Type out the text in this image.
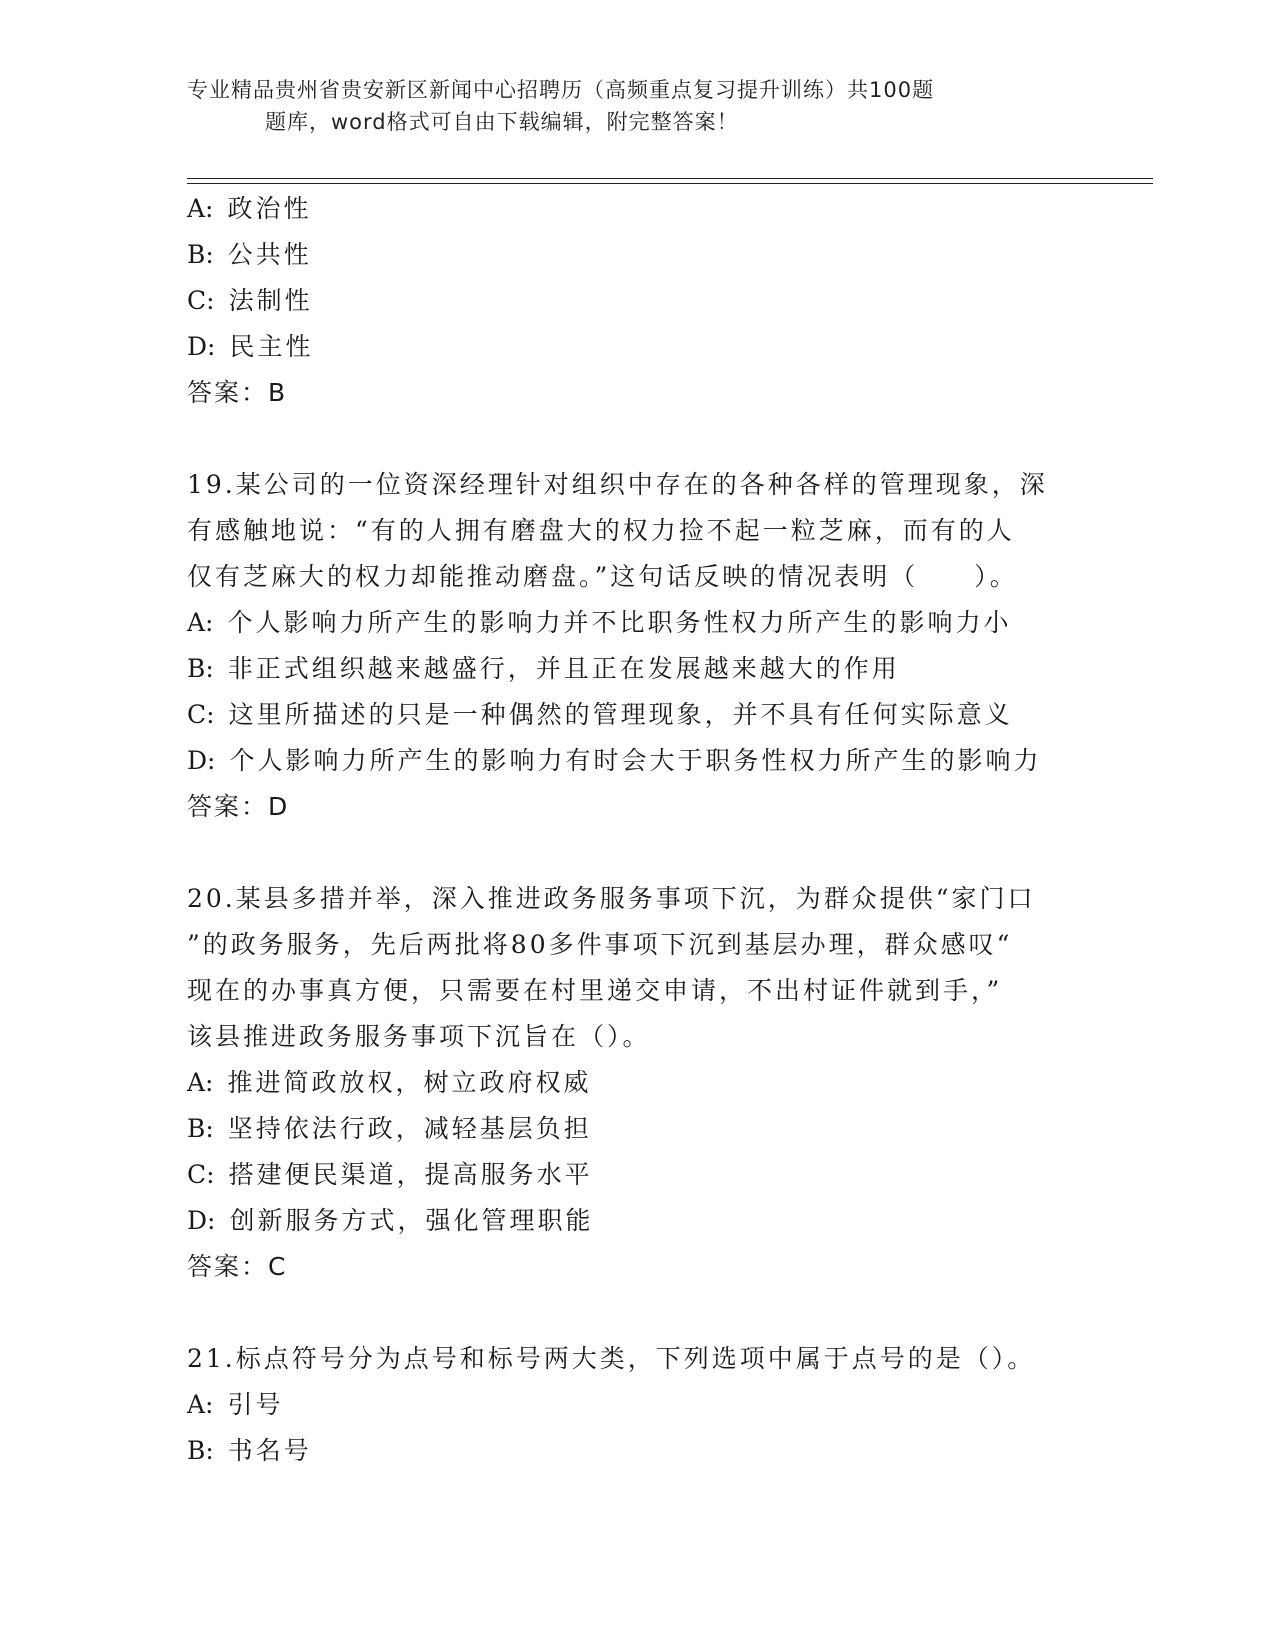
专业精品贵州省贵安新区新闻中心招聘历（高频重点复习提升训练）共100题
题库，word格式可自由下载编辑，附完整答案！
A: 政治性
B: 公共性
C: 法制性
D: 民主性
答案：B
19.某公司的一位资深经理针对组织中存在的各种各样的管理现象，深
有感触地说：“有的人拥有磨盘大的权力捡不起一粒芝麻，而有的人
仅有芝麻大的权力却能推动磨盘。”这句话反映的情况表明（　　）。
A: 个人影响力所产生的影响力并不比职务性权力所产生的影响力小
B: 非正式组织越来越盛行，并且正在发展越来越大的作用
C: 这里所描述的只是一种偶然的管理现象，并不具有任何实际意义
D: 个人影响力所产生的影响力有时会大于职务性权力所产生的影响力
答案：D
20.某县多措并举，深入推进政务服务事项下沉，为群众提供“家门口
”的政务服务，先后两批将80多件事项下沉到基层办理，群众感叹“
现在的办事真方便，只需要在村里递交申请，不出村证件就到手，”
该县推进政务服务事项下沉旨在（）。
A: 推进简政放权，树立政府权威
B: 坚持依法行政，减轻基层负担
C: 搭建便民渠道，提高服务水平
D: 创新服务方式，强化管理职能
答案：C
21.标点符号分为点号和标号两大类，下列选项中属于点号的是（）。
A: 引号
B: 书名号
